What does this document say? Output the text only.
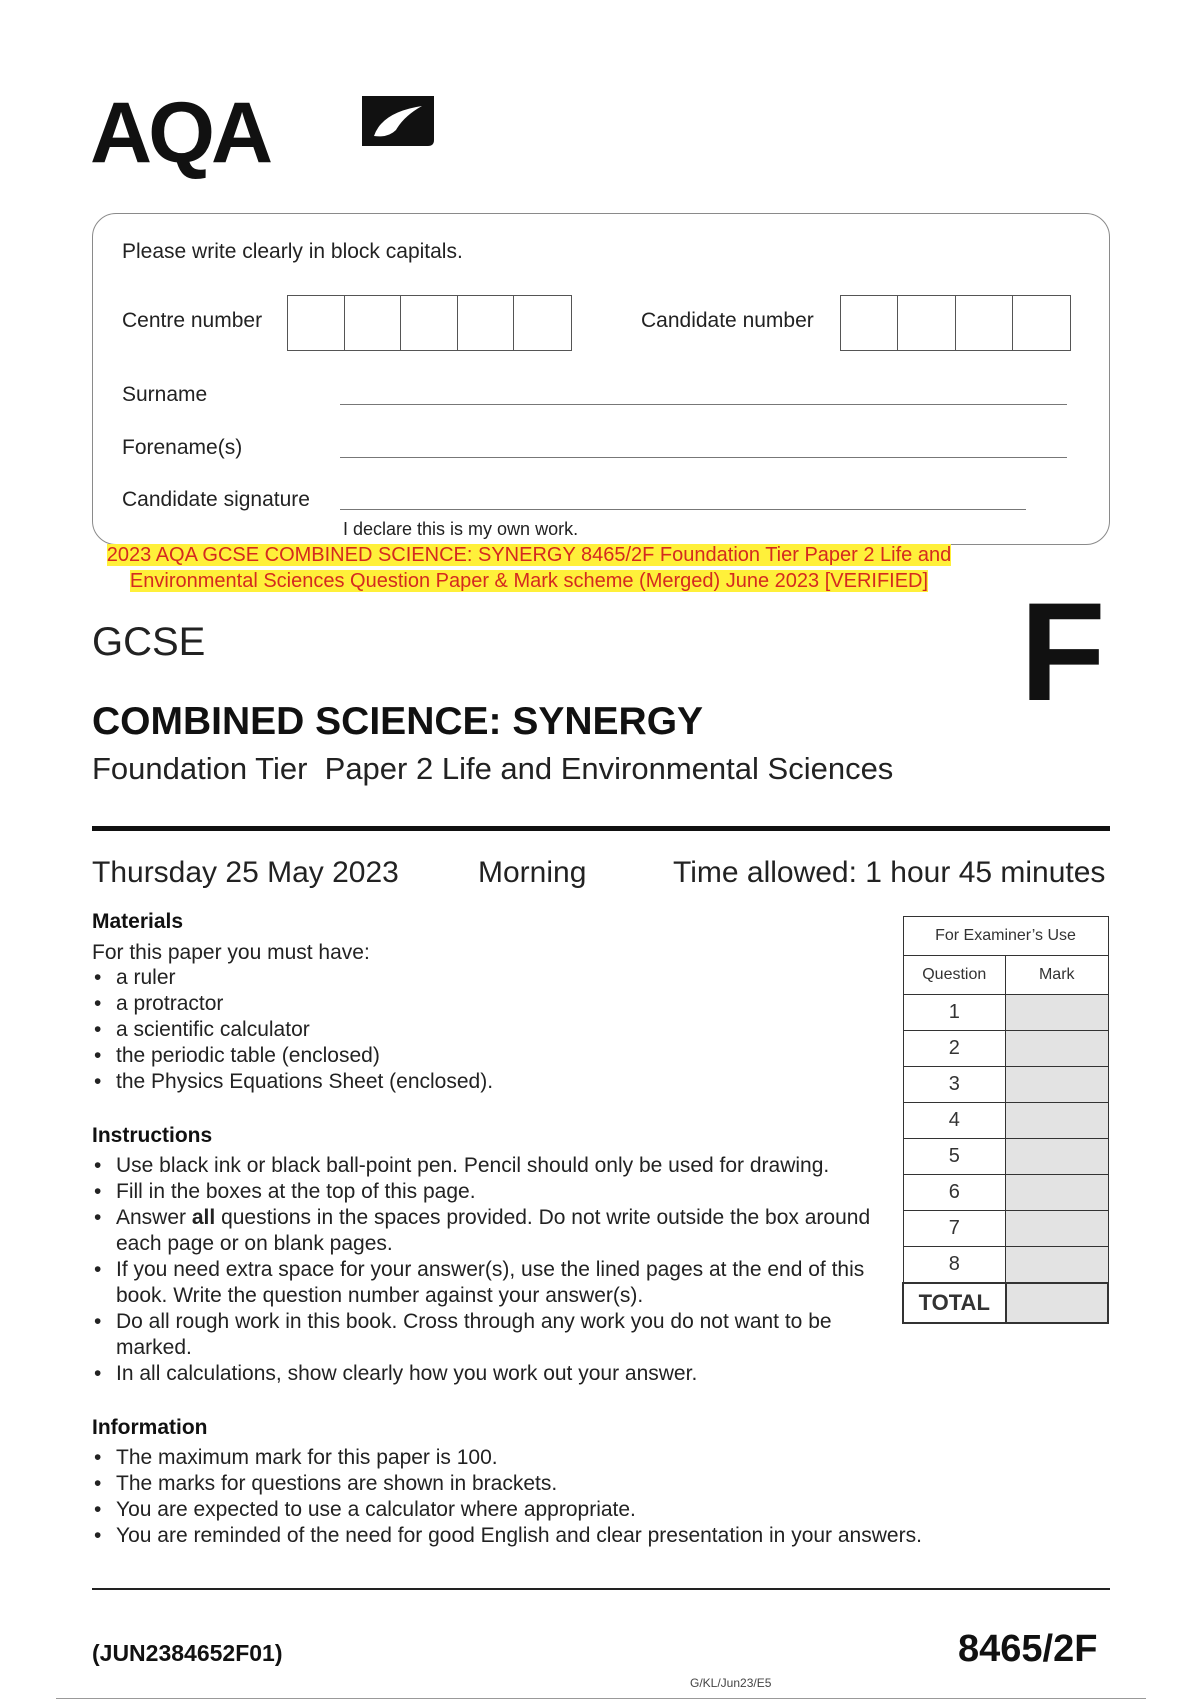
AQA
Please write clearly in block capitals.
Centre number	Candidate number
Surname
Forename(s)
Candidate signature
I declare this is my own work.
2023 AQA GCSE COMBINED SCIENCE: SYNERGY 8465/2F Foundation Tier Paper 2 Life and Environmental Sciences Question Paper & Mark scheme (Merged) June 2023 [VERIFIED]
GCSE	F
COMBINED SCIENCE: SYNERGY
Foundation Tier  Paper 2 Life and Environmental Sciences
Thursday 25 May 2023	Morning	Time allowed: 1 hour 45 minutes
Materials
For this paper you must have:
• a ruler
• a protractor
• a scientific calculator
• the periodic table (enclosed)
• the Physics Equations Sheet (enclosed).
Instructions
• Use black ink or black ball-point pen. Pencil should only be used for drawing.
• Fill in the boxes at the top of this page.
• Answer all questions in the spaces provided. Do not write outside the box around each page or on blank pages.
• If you need extra space for your answer(s), use the lined pages at the end of this book. Write the question number against your answer(s).
• Do all rough work in this book. Cross through any work you do not want to be marked.
• In all calculations, show clearly how you work out your answer.
Information
• The maximum mark for this paper is 100.
• The marks for questions are shown in brackets.
• You are expected to use a calculator where appropriate.
• You are reminded of the need for good English and clear presentation in your answers.
For Examiner’s Use	
Question	Mark
1	
2	
3	
4	
5	
6	
7	
8	
TOTAL	
(JUN2384652F01)	8465/2F
G/KL/Jun23/E5
